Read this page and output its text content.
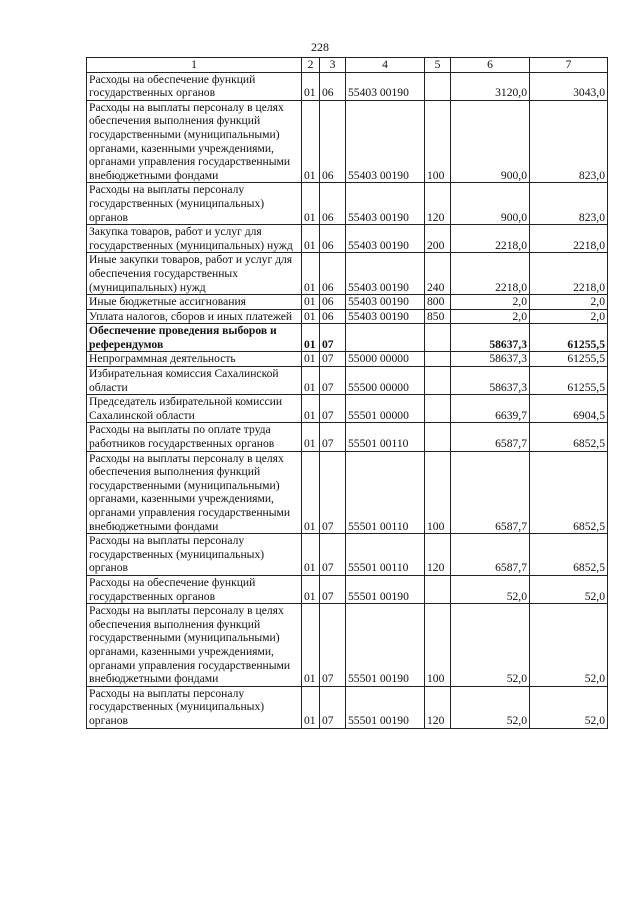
228
1	2	3	4	5	6	7
Расходы на обеспечение функций государственных органов	01	06	55403 00190		3120,0	3043,0
Расходы на выплаты персоналу в целях обеспечения выполнения функций государственными (муниципальными) органами, казенными учреждениями, органами управления государственными внебюджетными фондами	01	06	55403 00190	100	900,0	823,0
Расходы на выплаты персоналу государственных (муниципальных) органов	01	06	55403 00190	120	900,0	823,0
Закупка товаров, работ и услуг для государственных (муниципальных) нужд	01	06	55403 00190	200	2218,0	2218,0
Иные закупки товаров, работ и услуг для обеспечения государственных (муниципальных) нужд	01	06	55403 00190	240	2218,0	2218,0
Иные бюджетные ассигнования	01	06	55403 00190	800	2,0	2,0
Уплата налогов, сборов и иных платежей	01	06	55403 00190	850	2,0	2,0
Обеспечение проведения выборов и референдумов	01	07			58637,3	61255,5
Непрограммная деятельность	01	07	55000 00000		58637,3	61255,5
Избирательная комиссия Сахалинской области	01	07	55500 00000		58637,3	61255,5
Председатель избирательной комиссии Сахалинской области	01	07	55501 00000		6639,7	6904,5
Расходы на выплаты по оплате труда работников государственных органов	01	07	55501 00110		6587,7	6852,5
Расходы на выплаты персоналу в целях обеспечения выполнения функций государственными (муниципальными) органами, казенными учреждениями, органами управления государственными внебюджетными фондами	01	07	55501 00110	100	6587,7	6852,5
Расходы на выплаты персоналу государственных (муниципальных) органов	01	07	55501 00110	120	6587,7	6852,5
Расходы на обеспечение функций государственных органов	01	07	55501 00190		52,0	52,0
Расходы на выплаты персоналу в целях обеспечения выполнения функций государственными (муниципальными) органами, казенными учреждениями, органами управления государственными внебюджетными фондами	01	07	55501 00190	100	52,0	52,0
Расходы на выплаты персоналу государственных (муниципальных) органов	01	07	55501 00190	120	52,0	52,0
